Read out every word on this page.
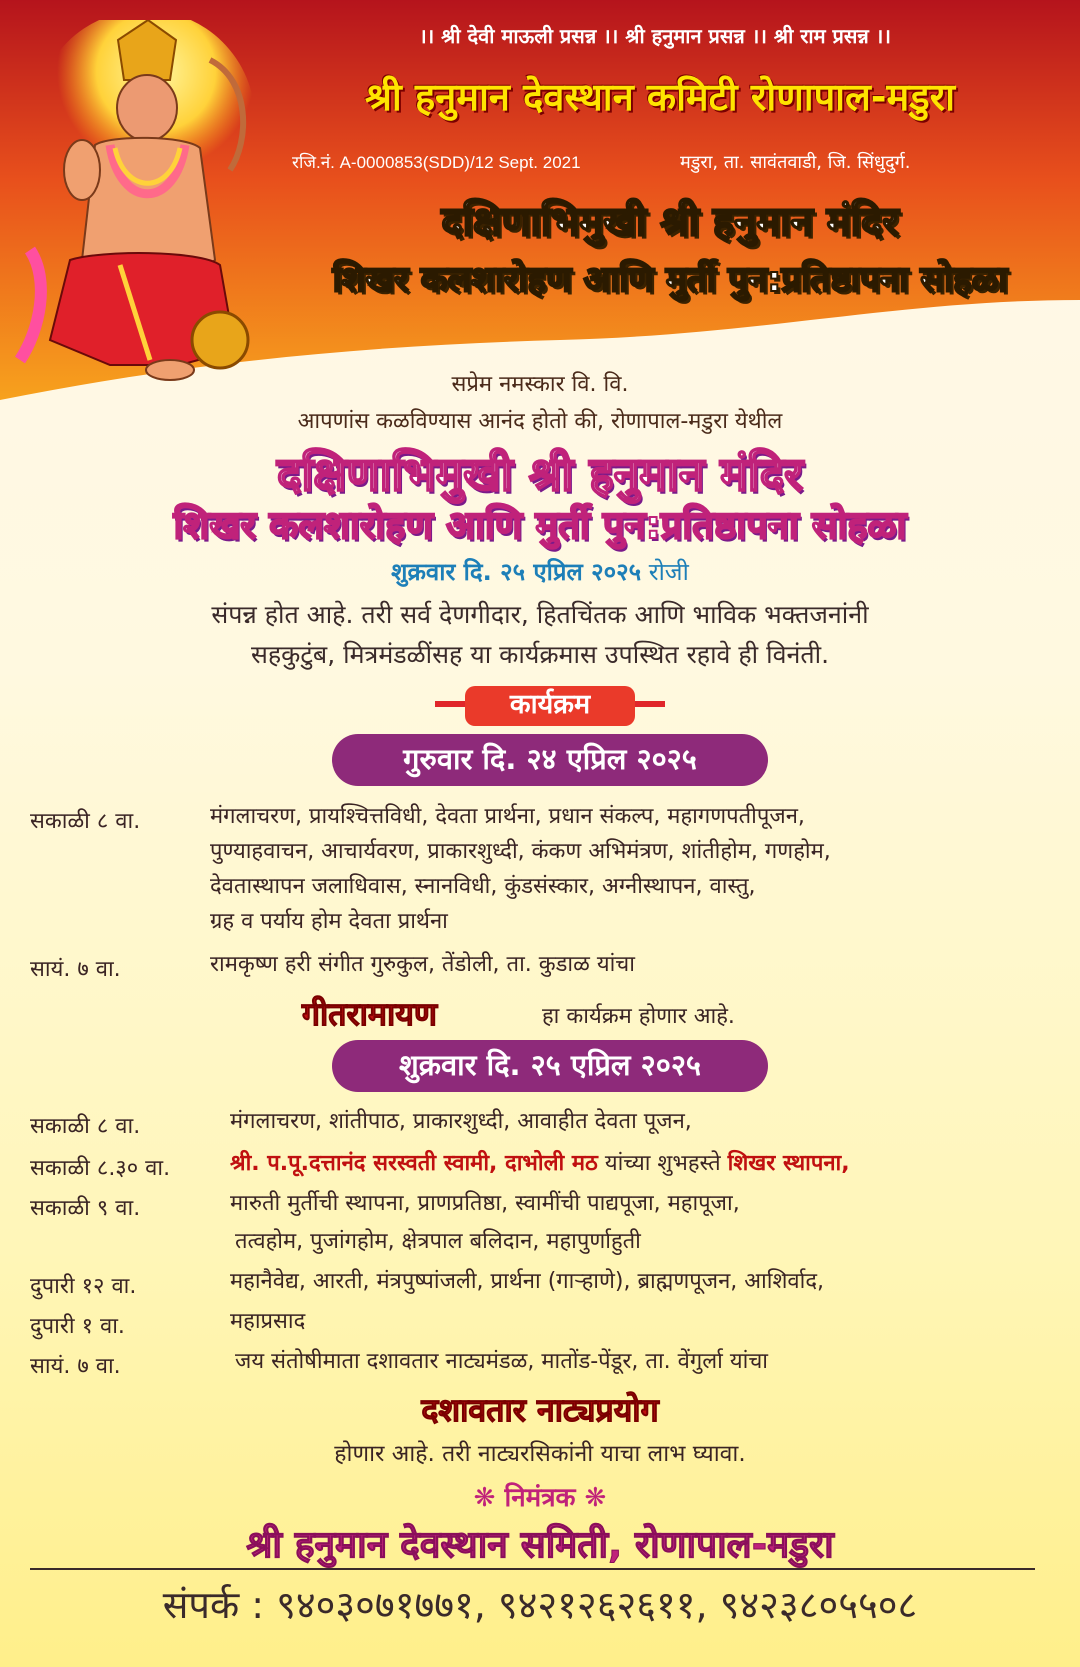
।। श्री देवी माऊली प्रसन्न ।। श्री हनुमान प्रसन्न ।। श्री राम प्रसन्न ।।
श्री हनुमान देवस्थान कमिटी रोणापाल-मडुरा
रजि.नं. A-0000853(SDD)/12 Sept. 2021	मडुरा, ता. सावंतवाडी, जि. सिंधुदुर्ग.
दक्षिणाभिमुखी श्री हनुमान मंदिर
शिखर कलशारोहण आणि मुर्ती पुन:प्रतिष्ठापना सोहळा
सप्रेम नमस्कार वि. वि.
आपणांस कळविण्यास आनंद होतो की, रोणापाल-मडुरा येथील
दक्षिणाभिमुखी श्री हनुमान मंदिर
शिखर कलशारोहण आणि मुर्ती पुन:प्रतिष्ठापना सोहळा
शुक्रवार दि. २५ एप्रिल २०२५ रोजी
संपन्न होत आहे. तरी सर्व देणगीदार, हितचिंतक आणि भाविक भक्तजनांनी
सहकुटुंब, मित्रमंडळींसह या कार्यक्रमास उपस्थित रहावे ही विनंती.
कार्यक्रम
गुरुवार दि. २४ एप्रिल २०२५
सकाळी ८ वा.	मंगलाचरण, प्रायश्चित्तविधी, देवता प्रार्थना, प्रधान संकल्प, महागणपतीपूजन,
पुण्याहवाचन, आचार्यवरण, प्राकारशुध्दी, कंकण अभिमंत्रण, शांतीहोम, गणहोम,
देवतास्थापन जलाधिवास, स्नानविधी, कुंडसंस्कार, अग्नीस्थापन, वास्तु,
ग्रह व पर्याय होम देवता प्रार्थना
सायं. ७ वा.	रामकृष्ण हरी संगीत गुरुकुल, तेंडोली, ता. कुडाळ यांचा
गीतरामायण	हा कार्यक्रम होणार आहे.
शुक्रवार दि. २५ एप्रिल २०२५
सकाळी ८ वा.	मंगलाचरण, शांतीपाठ, प्राकारशुध्दी, आवाहीत देवता पूजन,
सकाळी ८.३० वा.	श्री. प.पू.दत्तानंद सरस्वती स्वामी, दाभोली मठ यांच्या शुभहस्ते शिखर स्थापना,
सकाळी ९ वा.	मारुती मुर्तीची स्थापना, प्राणप्रतिष्ठा, स्वामींची पाद्यपूजा, महापूजा,
तत्वहोम, पुजांगहोम, क्षेत्रपाल बलिदान, महापुर्णाहुती
दुपारी १२ वा.	महानैवेद्य, आरती, मंत्रपुष्पांजली, प्रार्थना (गाऱ्हाणे), ब्राह्मणपूजन, आशिर्वाद,
दुपारी १ वा.	महाप्रसाद
सायं. ७ वा.	जय संतोषीमाता दशावतार नाट्यमंडळ, मातोंड-पेंडूर, ता. वेंगुर्ला यांचा
दशावतार नाट्यप्रयोग
होणार आहे. तरी नाट्यरसिकांनी याचा लाभ घ्यावा.
❋ निमंत्रक ❋
श्री हनुमान देवस्थान समिती, रोणापाल-मडुरा
संपर्क : ९४०३०७१७७१, ९४२१२६२६११, ९४२३८०५५०८
